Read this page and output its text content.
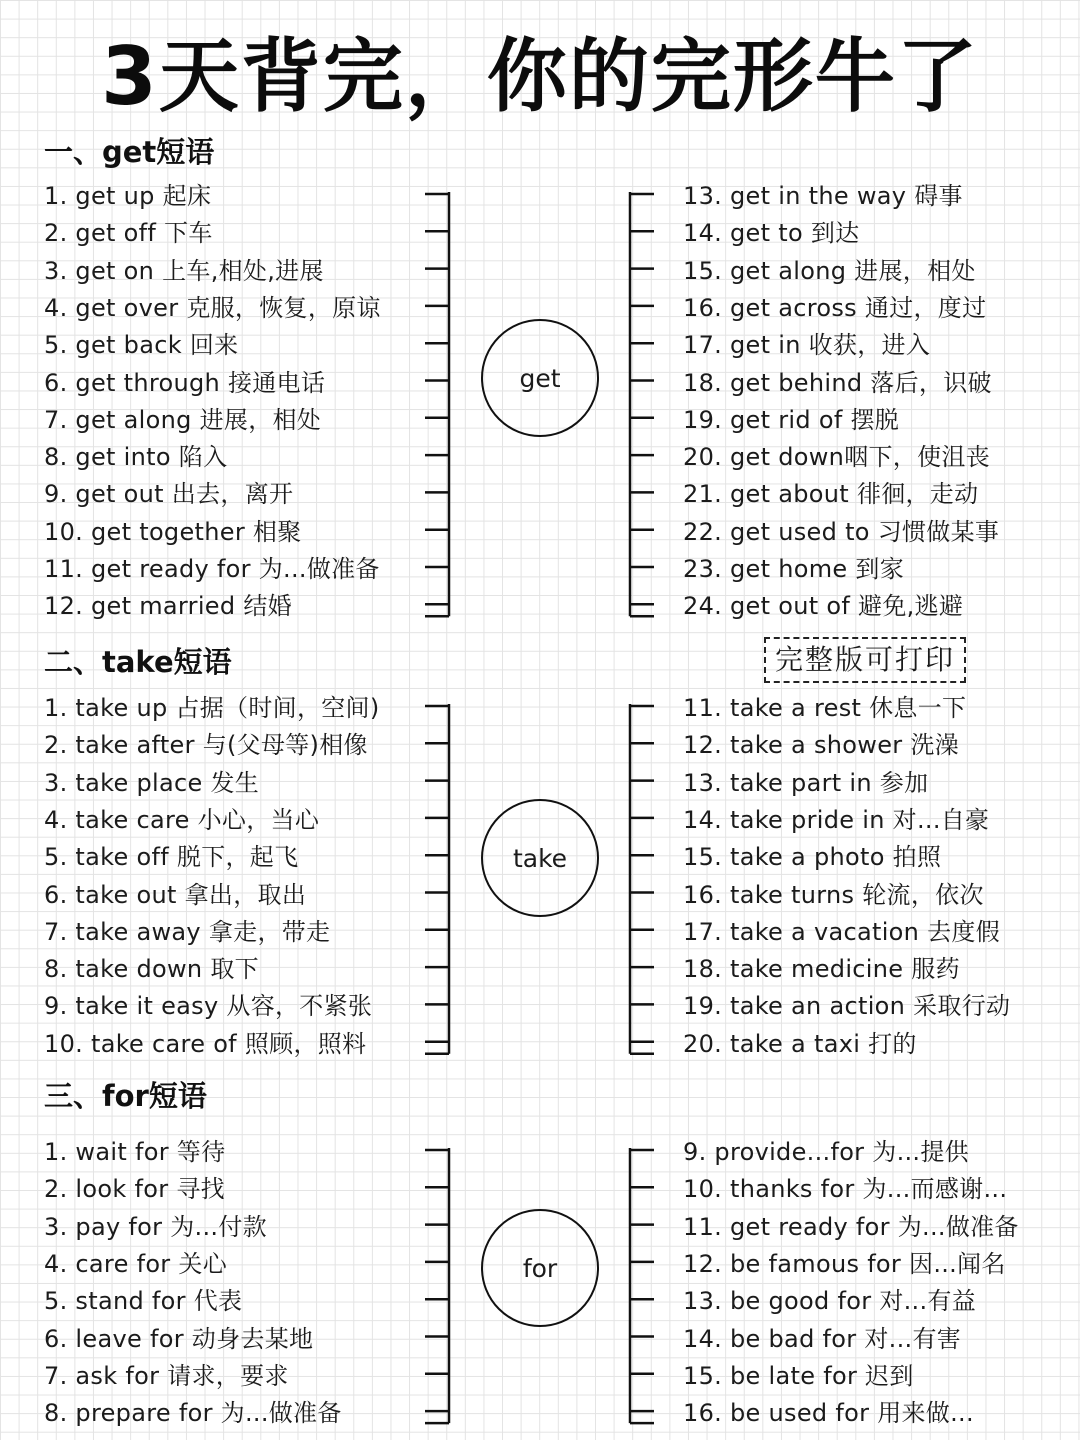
3天背完，你的完形牛了
一、get短语
二、take短语
三、for短语
完整版可打印
get
take
for
1. get up 起床
2. get off 下车
3. get on 上车,相处,进展
4. get over 克服，恢复，原谅
5. get back 回来
6. get through 接通电话
7. get along 进展，相处
8. get into 陷入
9. get out 出去，离开
10. get together 相聚
11. get ready for 为...做准备
12. get married 结婚
13. get in the way 碍事
14. get to 到达
15. get along 进展，相处
16. get across 通过，度过
17. get in 收获，进入
18. get behind 落后，识破
19. get rid of 摆脱
20. get down咽下，使沮丧
21. get about 徘徊，走动
22. get used to 习惯做某事
23. get home 到家
24. get out of 避免,逃避
1. take up 占据（时间，空间)
2. take after 与(父母等)相像
3. take place 发生
4. take care 小心，当心
5. take off 脱下，起飞
6. take out 拿出，取出
7. take away 拿走，带走
8. take down 取下
9. take it easy 从容，不紧张
10. take care of 照顾，照料
11. take a rest 休息一下
12. take a shower 洗澡
13. take part in 参加
14. take pride in 对...自豪
15. take a photo 拍照
16. take turns 轮流，依次
17. take a vacation 去度假
18. take medicine 服药
19. take an action 采取行动
20. take a taxi 打的
1. wait for 等待
2. look for 寻找
3. pay for 为...付款
4. care for 关心
5. stand for 代表
6. leave for 动身去某地
7. ask for 请求，要求
8. prepare for 为...做准备
9. provide...for 为...提供
10. thanks for 为...而感谢...
11. get ready for 为...做准备
12. be famous for 因...闻名
13. be good for 对...有益
14. be bad for 对...有害
15. be late for 迟到
16. be used for 用来做...
